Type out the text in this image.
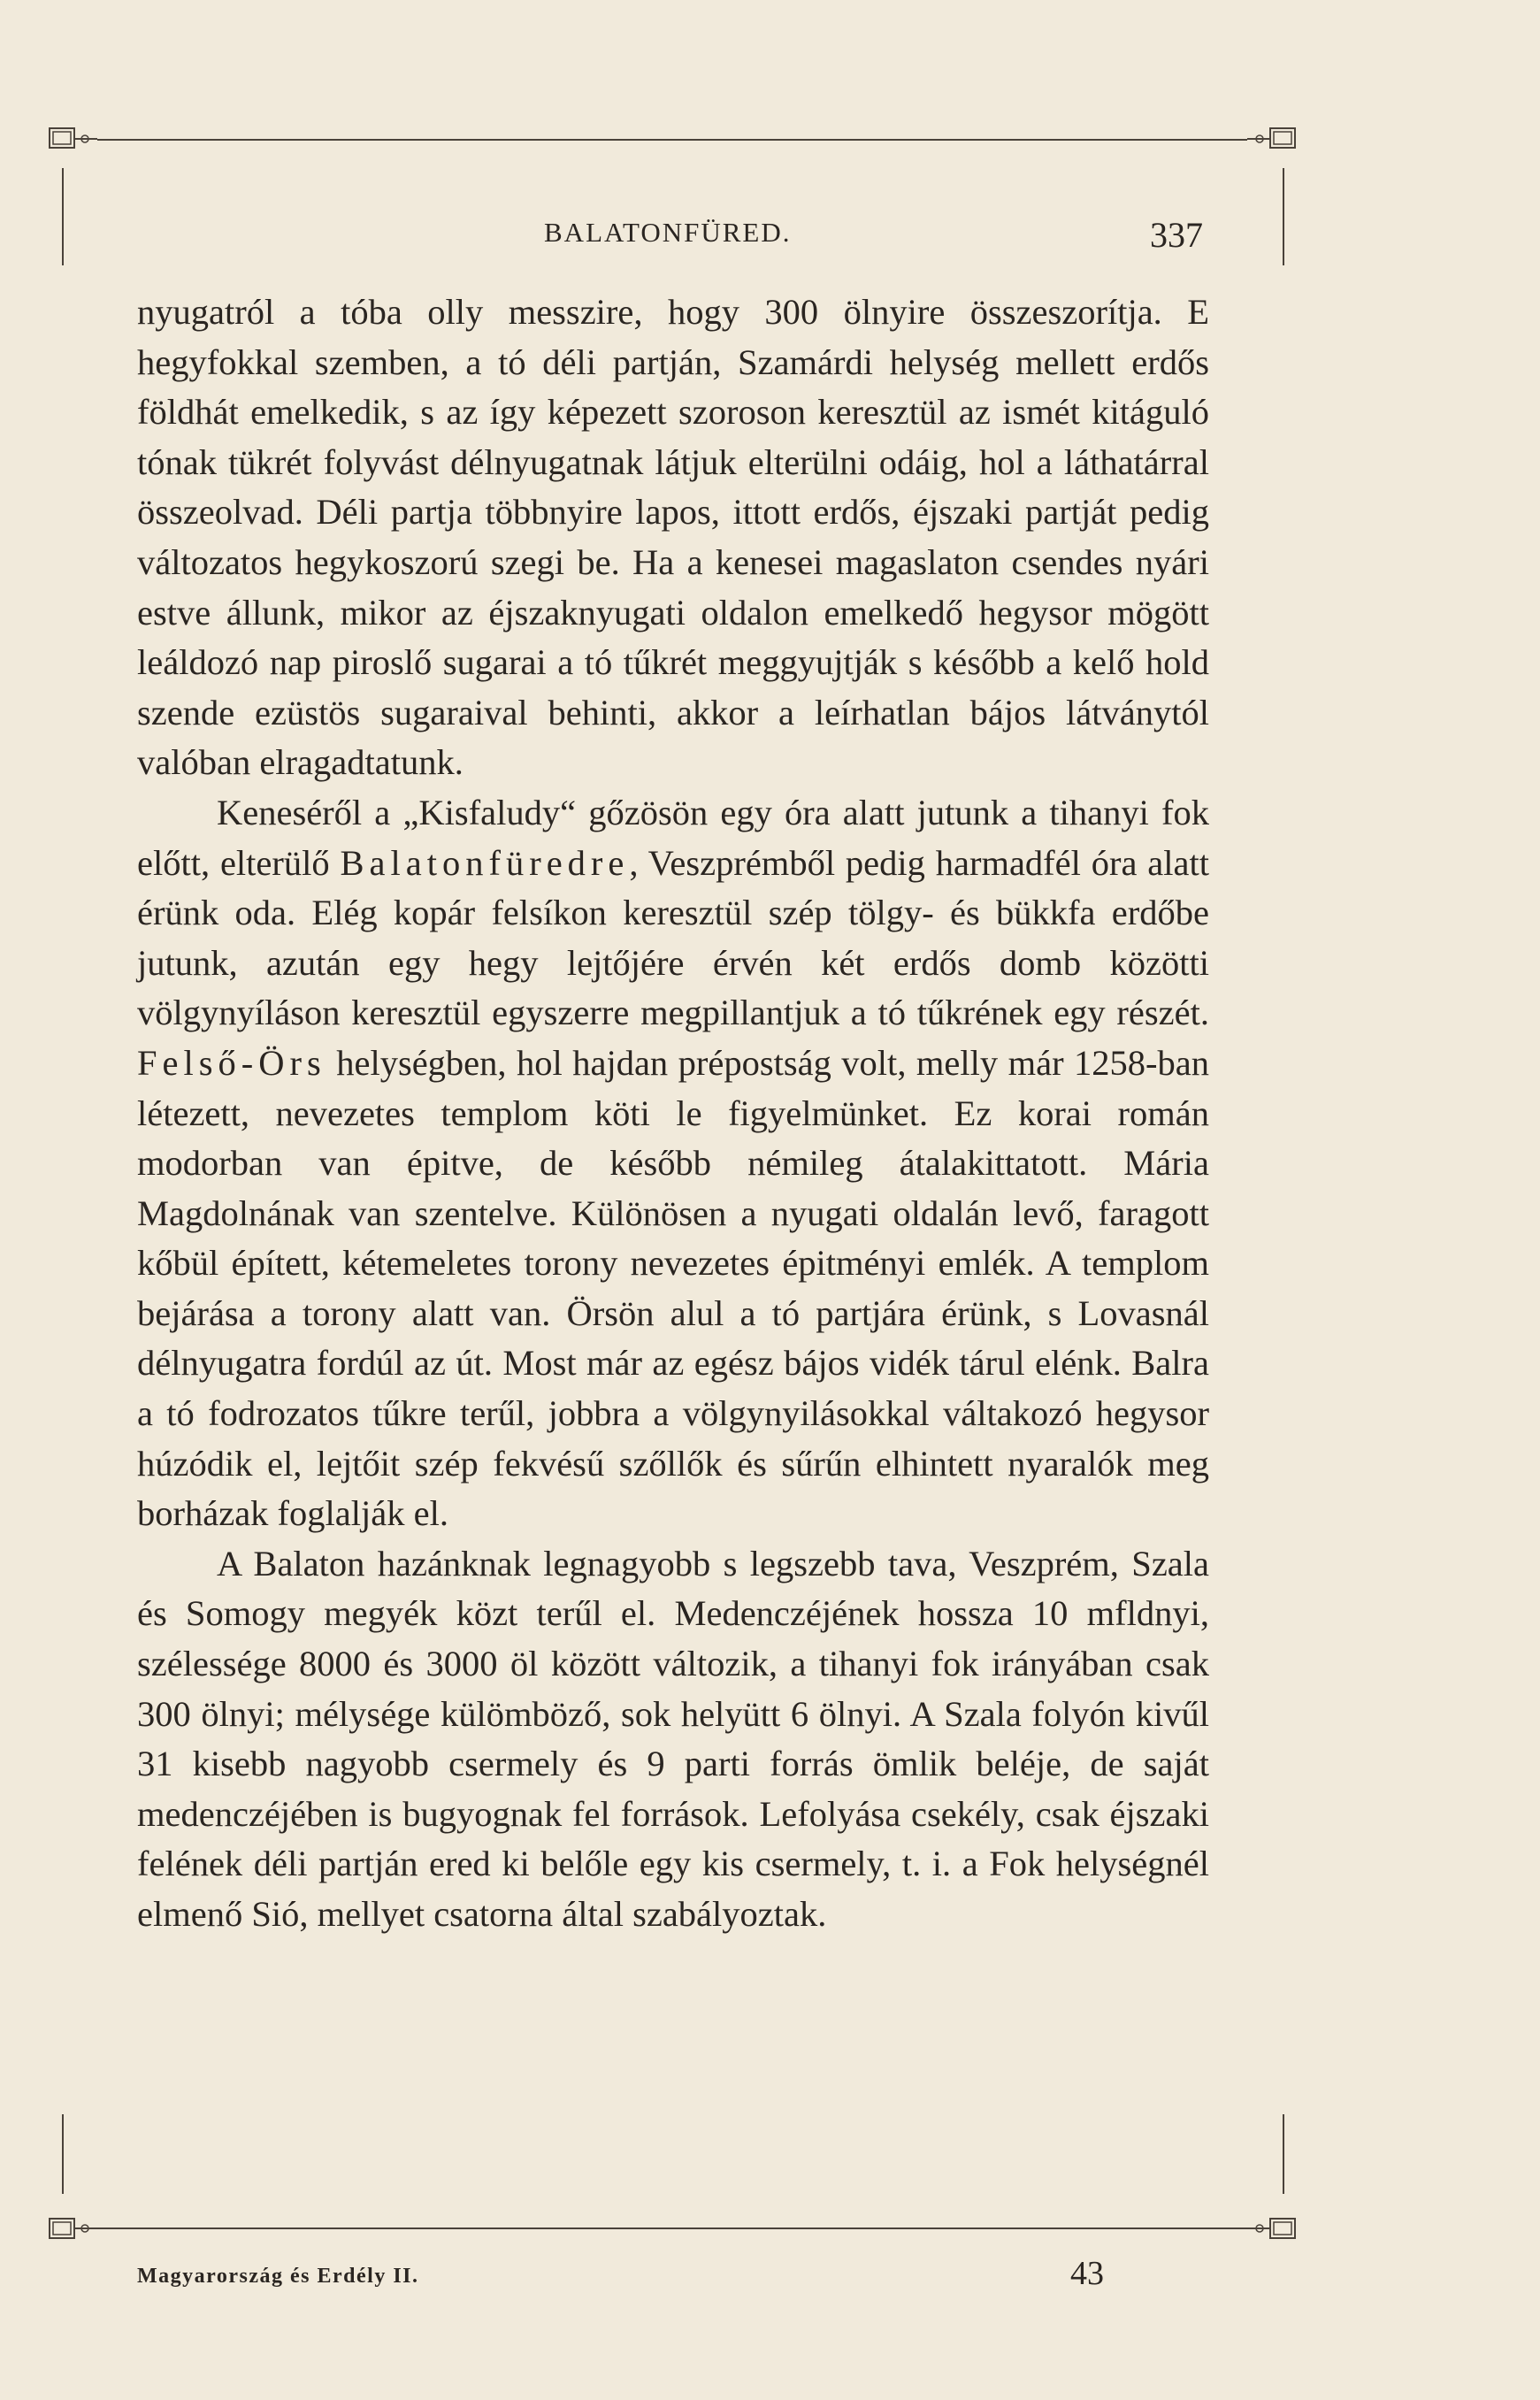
BALATONFÜRED.	337

nyugatról a tóba olly messzire, hogy 300 ölnyire összeszorítja. E hegyfokkal szemben, a tó déli partján, Szamárdi helység mellett erdős földhát emelkedik, s az így képezett szoroson keresztül az ismét kitáguló tónak tükrét folyvást délnyugatnak látjuk elterülni odáig, hol a láthatárral összeolvad. Déli partja többnyire lapos, ittott erdős, éjszaki partját pedig változatos hegykoszorú szegi be. Ha a kenesei magaslaton csendes nyári estve állunk, mikor az éjszaknyugati oldalon emelkedő hegysor mögött leáldozó nap piroslő sugarai a tó tűkrét meggyujtják s később a kelő hold szende ezüstös sugaraival behinti, akkor a leírhatlan bájos látványtól valóban elragadtatunk.

Keneséről a „Kisfaludy“ gőzösön egy óra alatt jutunk a tihanyi fok előtt, elterülő Balatonfüredre, Veszprémből pedig harmadfél óra alatt érünk oda. Elég kopár felsíkon keresztül szép tölgy- és bükkfa erdőbe jutunk, azután egy hegy lejtőjére érvén két erdős domb közötti völgynyíláson keresztül egyszerre megpillantjuk a tó tűkrének egy részét. Felső-Örs helységben, hol hajdan prépostság volt, melly már 1258-ban létezett, nevezetes templom köti le figyelmünket. Ez korai román modorban van épitve, de később némileg átalakittatott. Mária Magdolnának van szentelve. Különösen a nyugati oldalán levő, faragott kőbül épített, kétemeletes torony nevezetes épitményi emlék. A templom bejárása a torony alatt van. Örsön alul a tó partjára érünk, s Lovasnál délnyugatra fordúl az út. Most már az egész bájos vidék tárul elénk. Balra a tó fodrozatos tűkre terűl, jobbra a völgynyilásokkal váltakozó hegysor húzódik el, lejtőit szép fekvésű szőllők és sűrűn elhintett nyaralók meg borházak foglalják el.

A Balaton hazánknak legnagyobb s legszebb tava, Veszprém, Szala és Somogy megyék közt terűl el. Medenczéjének hossza 10 mfldnyi, szélessége 8000 és 3000 öl között változik, a tihanyi fok irányában csak 300 ölnyi; mélysége külömböző, sok helyütt 6 ölnyi. A Szala folyón kivűl 31 kisebb nagyobb csermely és 9 parti forrás ömlik beléje, de saját medenczéjében is bugyognak fel források. Lefolyása csekély, csak éjszaki felének déli partján ered ki belőle egy kis csermely, t. i. a Fok helységnél elmenő Sió, mellyet csatorna által szabályoztak.

Magyarország és Erdély II.	43
